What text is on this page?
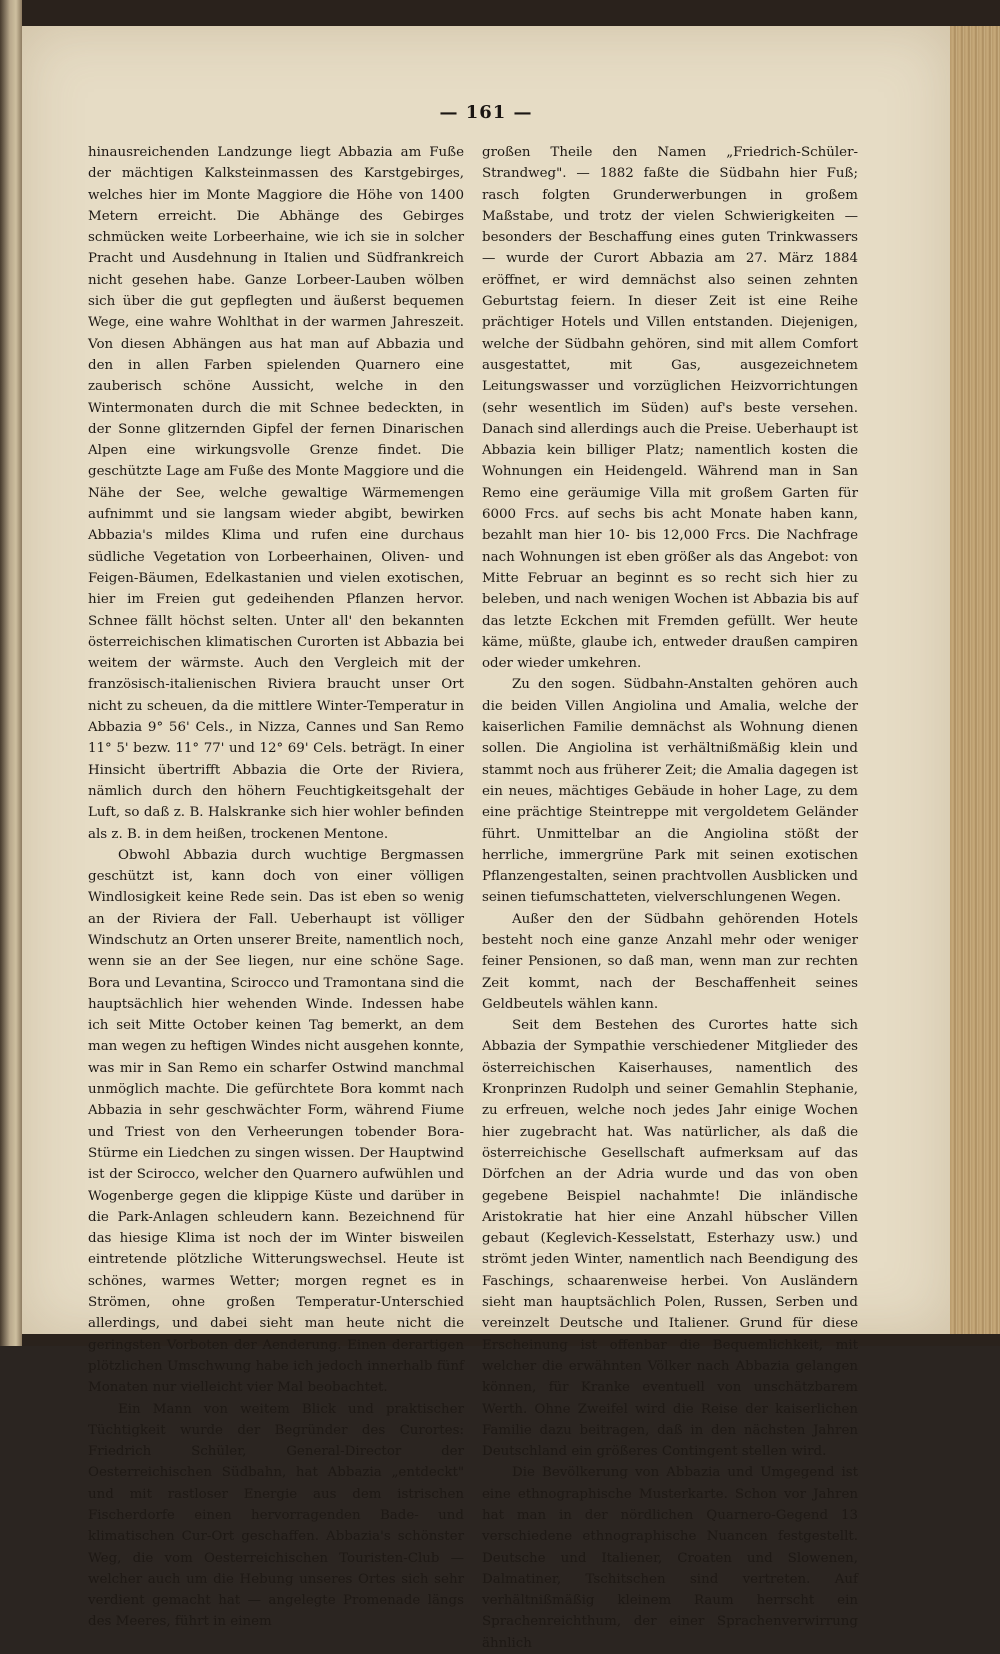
— 161 —

hinausreichenden Landzunge liegt Abbazia am Fuße der mächtigen Kalksteinmassen des Karstgebirges, welches hier im Monte Maggiore die Höhe von 1400 Metern erreicht. Die Abhänge des Gebirges schmücken weite Lorbeerhaine, wie ich sie in solcher Pracht und Ausdehnung in Italien und Südfrankreich nicht gesehen habe. Ganze Lorbeer-Lauben wölben sich über die gut gepflegten und äußerst bequemen Wege, eine wahre Wohlthat in der warmen Jahreszeit. Von diesen Abhängen aus hat man auf Abbazia und den in allen Farben spielenden Quarnero eine zauberisch schöne Aussicht, welche in den Wintermonaten durch die mit Schnee bedeckten, in der Sonne glitzernden Gipfel der fernen Dinarischen Alpen eine wirkungsvolle Grenze findet. Die geschützte Lage am Fuße des Monte Maggiore und die Nähe der See, welche gewaltige Wärmemengen aufnimmt und sie langsam wieder abgibt, bewirken Abbazia's mildes Klima und rufen eine durchaus südliche Vegetation von Lorbeerhainen, Oliven- und Feigen-Bäumen, Edelkastanien und vielen exotischen, hier im Freien gut gedeihenden Pflanzen hervor. Schnee fällt höchst selten. Unter all' den bekannten österreichischen klimatischen Curorten ist Abbazia bei weitem der wärmste. Auch den Vergleich mit der französisch-italienischen Riviera braucht unser Ort nicht zu scheuen, da die mittlere Winter-Temperatur in Abbazia 9° 56' Cels., in Nizza, Cannes und San Remo 11° 5' bezw. 11° 77' und 12° 69' Cels. beträgt. In einer Hinsicht übertrifft Abbazia die Orte der Riviera, nämlich durch den höhern Feuchtigkeitsgehalt der Luft, so daß z. B. Halskranke sich hier wohler befinden als z. B. in dem heißen, trockenen Mentone.

Obwohl Abbazia durch wuchtige Bergmassen geschützt ist, kann doch von einer völligen Windlosigkeit keine Rede sein. Das ist eben so wenig an der Riviera der Fall. Ueberhaupt ist völliger Windschutz an Orten unserer Breite, namentlich noch, wenn sie an der See liegen, nur eine schöne Sage. Bora und Levantina, Scirocco und Tramontana sind die hauptsächlich hier wehenden Winde. Indessen habe ich seit Mitte October keinen Tag bemerkt, an dem man wegen zu heftigen Windes nicht ausgehen konnte, was mir in San Remo ein scharfer Ostwind manchmal unmöglich machte. Die gefürchtete Bora kommt nach Abbazia in sehr geschwächter Form, während Fiume und Triest von den Verheerungen tobender Bora-Stürme ein Liedchen zu singen wissen. Der Hauptwind ist der Scirocco, welcher den Quarnero aufwühlen und Wogenberge gegen die klippige Küste und darüber in die Park-Anlagen schleudern kann. Bezeichnend für das hiesige Klima ist noch der im Winter bisweilen eintretende plötzliche Witterungswechsel. Heute ist schönes, warmes Wetter; morgen regnet es in Strömen, ohne großen Temperatur-Unterschied allerdings, und dabei sieht man heute nicht die geringsten Vorboten der Aenderung. Einen derartigen plötzlichen Umschwung habe ich jedoch innerhalb fünf Monaten nur vielleicht vier Mal beobachtet.

Ein Mann von weitem Blick und praktischer Tüchtigkeit wurde der Begründer des Curortes: Friedrich Schüler, General-Director der Oesterreichischen Südbahn, hat Abbazia „entdeckt" und mit rastloser Energie aus dem istrischen Fischerdorfe einen hervorragenden Bade- und klimatischen Cur-Ort geschaffen. Abbazia's schönster Weg, die vom Oesterreichischen Touristen-Club — welcher auch um die Hebung unseres Ortes sich sehr verdient gemacht hat — angelegte Promenade längs des Meeres, führt in einem

großen Theile den Namen „Friedrich-Schüler-Strandweg". — 1882 faßte die Südbahn hier Fuß; rasch folgten Grunderwerbungen in großem Maßstabe, und trotz der vielen Schwierigkeiten — besonders der Beschaffung eines guten Trinkwassers — wurde der Curort Abbazia am 27. März 1884 eröffnet, er wird demnächst also seinen zehnten Geburtstag feiern. In dieser Zeit ist eine Reihe prächtiger Hotels und Villen entstanden. Diejenigen, welche der Südbahn gehören, sind mit allem Comfort ausgestattet, mit Gas, ausgezeichnetem Leitungswasser und vorzüglichen Heizvorrichtungen (sehr wesentlich im Süden) auf's beste versehen. Danach sind allerdings auch die Preise. Ueberhaupt ist Abbazia kein billiger Platz; namentlich kosten die Wohnungen ein Heidengeld. Während man in San Remo eine geräumige Villa mit großem Garten für 6000 Frcs. auf sechs bis acht Monate haben kann, bezahlt man hier 10- bis 12,000 Frcs. Die Nachfrage nach Wohnungen ist eben größer als das Angebot: von Mitte Februar an beginnt es so recht sich hier zu beleben, und nach wenigen Wochen ist Abbazia bis auf das letzte Eckchen mit Fremden gefüllt. Wer heute käme, müßte, glaube ich, entweder draußen campiren oder wieder umkehren.

Zu den sogen. Südbahn-Anstalten gehören auch die beiden Villen Angiolina und Amalia, welche der kaiserlichen Familie demnächst als Wohnung dienen sollen. Die Angiolina ist verhältnißmäßig klein und stammt noch aus früherer Zeit; die Amalia dagegen ist ein neues, mächtiges Gebäude in hoher Lage, zu dem eine prächtige Steintreppe mit vergoldetem Geländer führt. Unmittelbar an die Angiolina stößt der herrliche, immergrüne Park mit seinen exotischen Pflanzengestalten, seinen prachtvollen Ausblicken und seinen tiefumschatteten, vielverschlungenen Wegen.

Außer den der Südbahn gehörenden Hotels besteht noch eine ganze Anzahl mehr oder weniger feiner Pensionen, so daß man, wenn man zur rechten Zeit kommt, nach der Beschaffenheit seines Geldbeutels wählen kann.

Seit dem Bestehen des Curortes hatte sich Abbazia der Sympathie verschiedener Mitglieder des österreichischen Kaiserhauses, namentlich des Kronprinzen Rudolph und seiner Gemahlin Stephanie, zu erfreuen, welche noch jedes Jahr einige Wochen hier zugebracht hat. Was natürlicher, als daß die österreichische Gesellschaft aufmerksam auf das Dörfchen an der Adria wurde und das von oben gegebene Beispiel nachahmte! Die inländische Aristokratie hat hier eine Anzahl hübscher Villen gebaut (Keglevich-Kesselstatt, Esterhazy usw.) und strömt jeden Winter, namentlich nach Beendigung des Faschings, schaarenweise herbei. Von Ausländern sieht man hauptsächlich Polen, Russen, Serben und vereinzelt Deutsche und Italiener. Grund für diese Erscheinung ist offenbar die Bequemlichkeit, mit welcher die erwähnten Völker nach Abbazia gelangen können, für Kranke eventuell von unschätzbarem Werth. Ohne Zweifel wird die Reise der kaiserlichen Familie dazu beitragen, daß in den nächsten Jahren Deutschland ein größeres Contingent stellen wird.

Die Bevölkerung von Abbazia und Umgegend ist eine ethnographische Musterkarte. Schon vor Jahren hat man in der nördlichen Quarnero-Gegend 13 verschiedene ethnographische Nuancen festgestellt. Deutsche und Italiener, Croaten und Slowenen, Dalmatiner, Tschitschen sind vertreten. Auf verhältnißmäßig kleinem Raum herrscht ein Sprachenreichthum, der einer Sprachenverwirrung ähnlich
